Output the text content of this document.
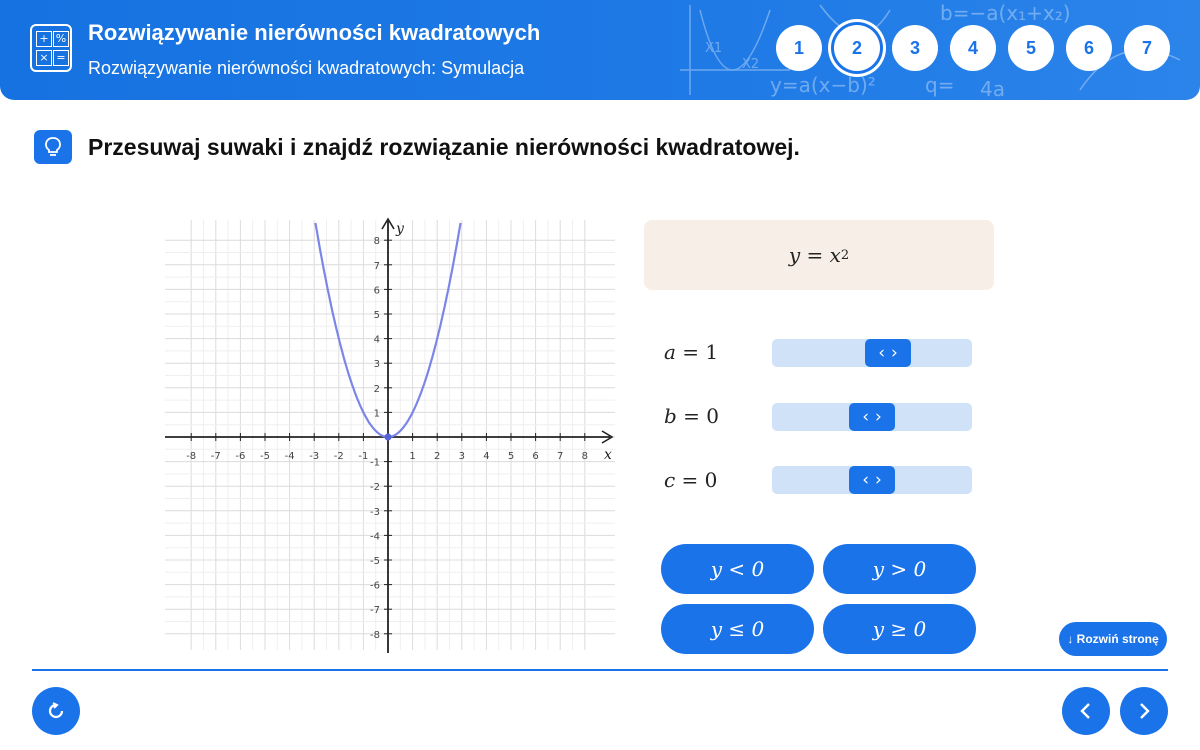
+ %
× =
Rozwiązywanie nierówności kwadratowych
Rozwiązywanie nierówności kwadratowych: Symulacja
y=a(x−b)²
b=−a(x₁+x₂)
q= 4a
X1
X2
1	2	3	4	5	6	7
Przesuwaj suwaki i znajdź rozwiązanie nierówności kwadratowej.
x
y
-8 -7 -6 -5 -4 -3 -2 -1	1 2 3 4 5 6 7 8
-8
-7
-6
-5
-4
-3
-2
-1
1
2
3
4
5
6
7
8
y = x 2
a = 1	‹ ›
b = 0	‹ ›
c = 0	‹ ›
y < 0	y > 0
y ≤ 0	y ≥ 0	↓ Rozwiń stronę
